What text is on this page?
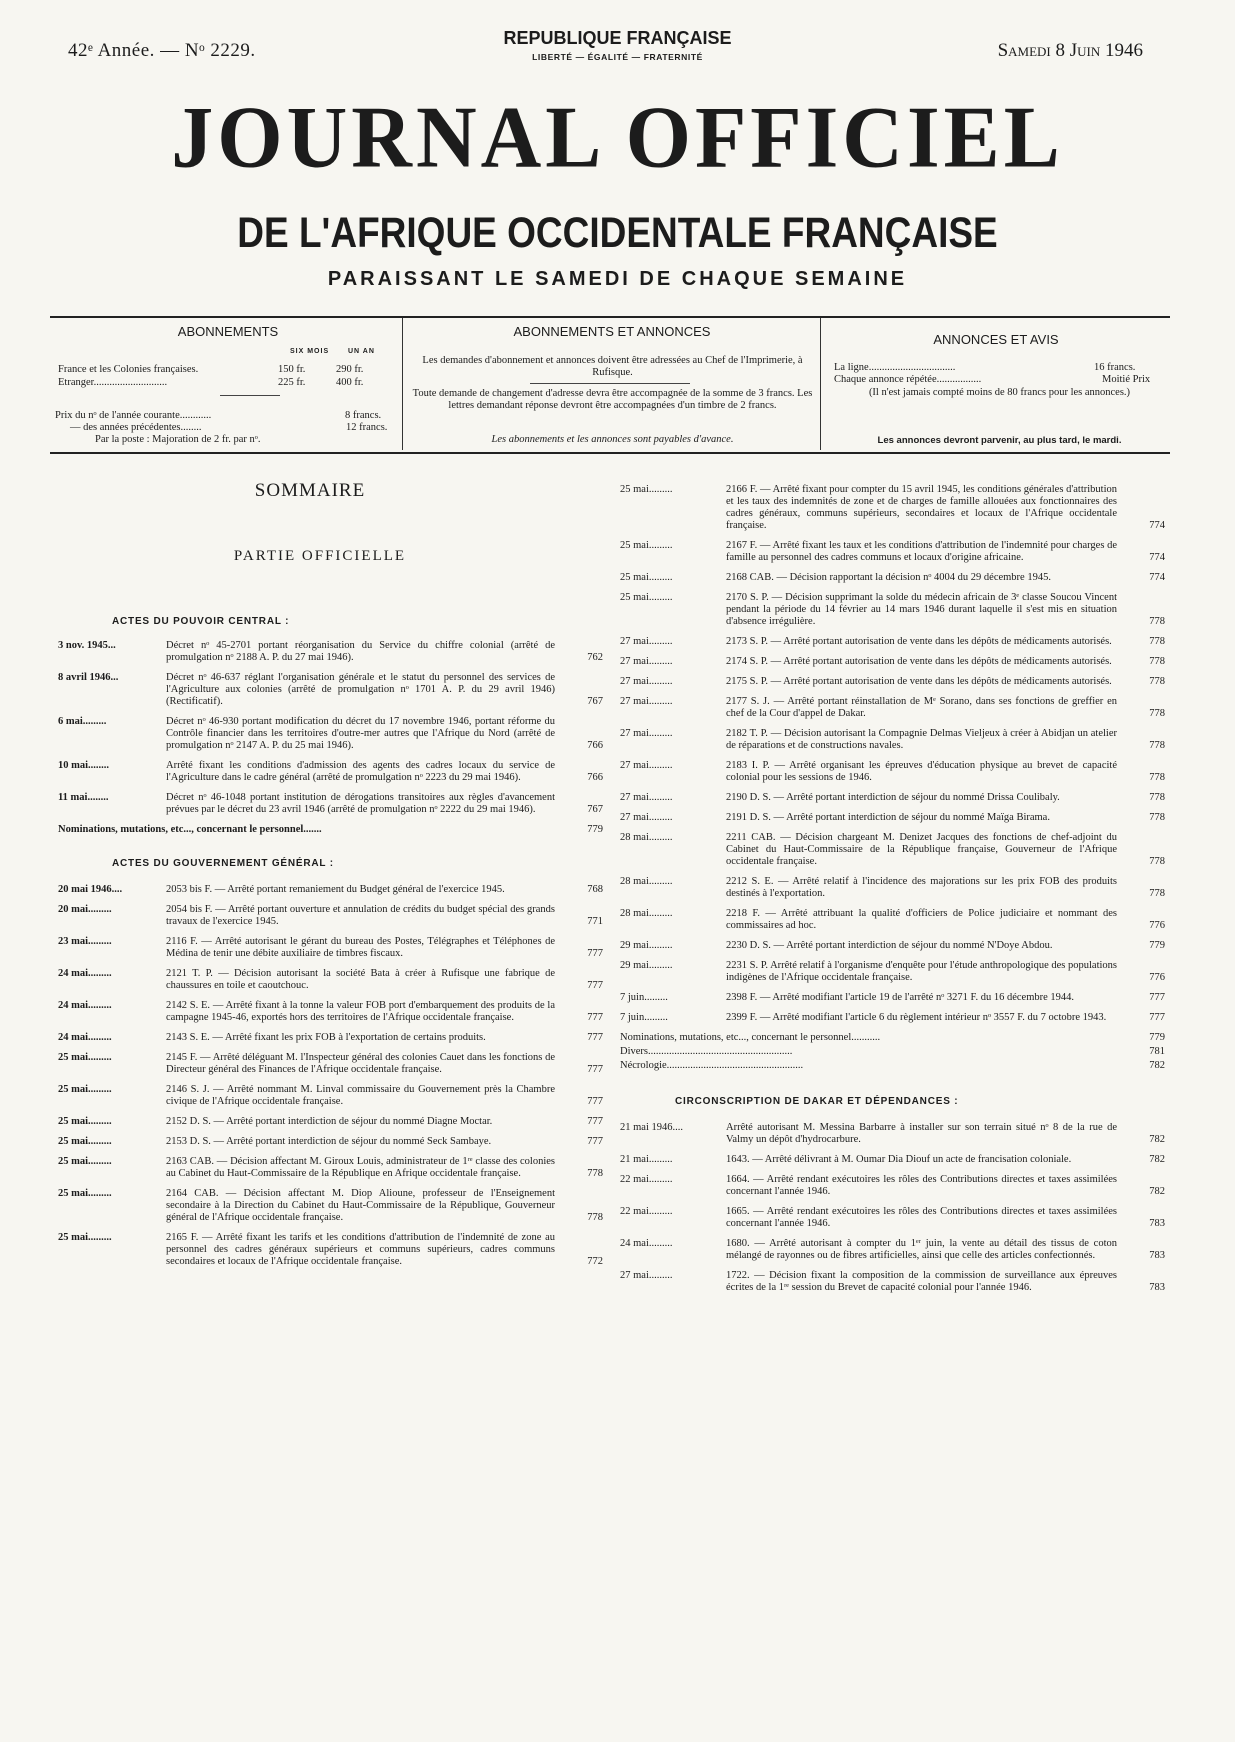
42ᵉ Année. — Nᵒ 2229.
REPUBLIQUE FRANÇAISE
LIBERTÉ — ÉGALITÉ — FRATERNITÉ	Samedi 8 Juin 1946
JOURNAL OFFICIEL
DE L'AFRIQUE OCCIDENTALE FRANÇAISE
PARAISSANT LE SAMEDI DE CHAQUE SEMAINE
ABONNEMENTS
SIX MOIS	UN AN
France et les Colonies françaises.	150 fr.	290 fr.
Etranger............................	225 fr.	400 fr.
Prix du nᵒ de l'année courante............	8 francs.
— des années précédentes........	12 francs.
Par la poste : Majoration de 2 fr. par nᵒ.
ABONNEMENTS ET ANNONCES
Les demandes d'abonnement et annonces doivent être adressées au Chef de l'Imprimerie, à Rufisque.
Toute demande de changement d'adresse devra être accompagnée de la somme de 3 francs. Les lettres demandant réponse devront être accompagnées d'un timbre de 2 francs.
Les abonnements et les annonces sont payables d'avance.
ANNONCES ET AVIS
La ligne.................................	16 francs.
Chaque annonce répétée.................	Moitié Prix
(Il n'est jamais compté moins de 80 francs pour les annonces.)
Les annonces devront parvenir, au plus tard, le mardi.
SOMMAIRE
PARTIE OFFICIELLE
ACTES DU POUVOIR CENTRAL :
3 nov. 1945...	Décret nᵒ 45-2701 portant réorganisation du Service du chiffre colonial (arrêté de promulgation nᵒ 2188 A. P. du 27 mai 1946).	762
8 avril 1946...	Décret nᵒ 46-637 réglant l'organisation générale et le statut du personnel des services de l'Agriculture aux colonies (arrêté de promulgation nᵒ 1701 A. P. du 29 avril 1946) (Rectificatif).	767
6 mai.........	Décret nᵒ 46-930 portant modification du décret du 17 novembre 1946, portant réforme du Contrôle financier dans les territoires d'outre-mer autres que l'Afrique du Nord (arrêté de promulgation nᵒ 2147 A. P. du 25 mai 1946).	766
10 mai........	Arrêté fixant les conditions d'admission des agents des cadres locaux du service de l'Agriculture dans le cadre général (arrêté de promulgation nᵒ 2223 du 29 mai 1946).	766
11 mai........	Décret nᵒ 46-1048 portant institution de dérogations transitoires aux règles d'avancement prévues par le décret du 23 avril 1946 (arrêté de promulgation nᵒ 2222 du 29 mai 1946).	767
Nominations, mutations, etc..., concernant le personnel.......	779
ACTES DU GOUVERNEMENT GÉNÉRAL :
20 mai 1946....	2053 bis F. — Arrêté portant remaniement du Budget général de l'exercice 1945.	768
20 mai.........	2054 bis F. — Arrêté portant ouverture et annulation de crédits du budget spécial des grands travaux de l'exercice 1945.	771
23 mai.........	2116 F. — Arrêté autorisant le gérant du bureau des Postes, Télégraphes et Téléphones de Médina de tenir une débite auxiliaire de timbres fiscaux.	777
24 mai.........	2121 T. P. — Décision autorisant la société Bata à créer à Rufisque une fabrique de chaussures en toile et caoutchouc.	777
24 mai.........	2142 S. E. — Arrêté fixant à la tonne la valeur FOB port d'embarquement des produits de la campagne 1945-46, exportés hors des territoires de l'Afrique occidentale française.	777
24 mai.........	2143 S. E. — Arrêté fixant les prix FOB à l'exportation de certains produits.	777
25 mai.........	2145 F. — Arrêté déléguant M. l'Inspecteur général des colonies Cauet dans les fonctions de Directeur général des Finances de l'Afrique occidentale française.	777
25 mai.........	2146 S. J. — Arrêté nommant M. Linval commissaire du Gouvernement près la Chambre civique de l'Afrique occidentale française.	777
25 mai.........	2152 D. S. — Arrêté portant interdiction de séjour du nommé Diagne Moctar.	777
25 mai.........	2153 D. S. — Arrêté portant interdiction de séjour du nommé Seck Sambaye.	777
25 mai.........	2163 CAB. — Décision affectant M. Giroux Louis, administrateur de 1ʳᵉ classe des colonies au Cabinet du Haut-Commissaire de la République en Afrique occidentale française.	778
25 mai.........	2164 CAB. — Décision affectant M. Diop Alioune, professeur de l'Enseignement secondaire à la Direction du Cabinet du Haut-Commissaire de la République, Gouverneur général de l'Afrique occidentale française.	778
25 mai.........	2165 F. — Arrêté fixant les tarifs et les conditions d'attribution de l'indemnité de zone au personnel des cadres généraux supérieurs et communs supérieurs, cadres communs secondaires et locaux de l'Afrique occidentale française.	772
25 mai.........	2166 F. — Arrêté fixant pour compter du 15 avril 1945, les conditions générales d'attribution et les taux des indemnités de zone et de charges de famille allouées aux fonctionnaires des cadres généraux, communs supérieurs, secondaires et locaux de l'Afrique occidentale française.	774
25 mai.........	2167 F. — Arrêté fixant les taux et les conditions d'attribution de l'indemnité pour charges de famille au personnel des cadres communs et locaux d'origine africaine.	774
25 mai.........	2168 CAB. — Décision rapportant la décision nᵒ 4004 du 29 décembre 1945.	774
25 mai.........	2170 S. P. — Décision supprimant la solde du médecin africain de 3ᵉ classe Soucou Vincent pendant la période du 14 février au 14 mars 1946 durant laquelle il s'est mis en situation d'absence irrégulière.	778
27 mai.........	2173 S. P. — Arrêté portant autorisation de vente dans les dépôts de médicaments autorisés.	778
27 mai.........	2174 S. P. — Arrêté portant autorisation de vente dans les dépôts de médicaments autorisés.	778
27 mai.........	2175 S. P. — Arrêté portant autorisation de vente dans les dépôts de médicaments autorisés.	778
27 mai.........	2177 S. J. — Arrêté portant réinstallation de Mᵉ Sorano, dans ses fonctions de greffier en chef de la Cour d'appel de Dakar.	778
27 mai.........	2182 T. P. — Décision autorisant la Compagnie Delmas Vieljeux à créer à Abidjan un atelier de réparations et de constructions navales.	778
27 mai.........	2183 I. P. — Arrêté organisant les épreuves d'éducation physique au brevet de capacité colonial pour les sessions de 1946.	778
27 mai.........	2190 D. S. — Arrêté portant interdiction de séjour du nommé Drissa Coulibaly.	778
27 mai.........	2191 D. S. — Arrêté portant interdiction de séjour du nommé Maïga Birama.	778
28 mai.........	2211 CAB. — Décision chargeant M. Denizet Jacques des fonctions de chef-adjoint du Cabinet du Haut-Commissaire de la République française, Gouverneur de l'Afrique occidentale française.	778
28 mai.........	2212 S. E. — Arrêté relatif à l'incidence des majorations sur les prix FOB des produits destinés à l'exportation.	778
28 mai.........	2218 F. — Arrêté attribuant la qualité d'officiers de Police judiciaire et nommant des commissaires ad hoc.	776
29 mai.........	2230 D. S. — Arrêté portant interdiction de séjour du nommé N'Doye Abdou.	779
29 mai.........	2231 S. P. Arrêté relatif à l'organisme d'enquête pour l'étude anthropologique des populations indigènes de l'Afrique occidentale française.	776
7 juin.........	2398 F. — Arrêté modifiant l'article 19 de l'arrêté nᵒ 3271 F. du 16 décembre 1944.	777
7 juin.........	2399 F. — Arrêté modifiant l'article 6 du règlement intérieur nᵒ 3557 F. du 7 octobre 1943.	777
Nominations, mutations, etc..., concernant le personnel...........	779
Divers.......................................................	781
Nécrologie....................................................	782
CIRCONSCRIPTION DE DAKAR ET DÉPENDANCES :
21 mai 1946....	Arrêté autorisant M. Messina Barbarre à installer sur son terrain situé nᵒ 8 de la rue de Valmy un dépôt d'hydrocarbure.	782
21 mai.........	1643. — Arrêté délivrant à M. Oumar Dia Diouf un acte de francisation coloniale.	782
22 mai.........	1664. — Arrêté rendant exécutoires les rôles des Contributions directes et taxes assimilées concernant l'année 1946.	782
22 mai.........	1665. — Arrêté rendant exécutoires les rôles des Contributions directes et taxes assimilées concernant l'année 1946.	783
24 mai.........	1680. — Arrêté autorisant à compter du 1ᵉʳ juin, la vente au détail des tissus de coton mélangé de rayonnes ou de fibres artificielles, ainsi que celle des articles confectionnés.	783
27 mai.........	1722. — Décision fixant la composition de la commission de surveillance aux épreuves écrites de la 1ʳᵉ session du Brevet de capacité colonial pour l'année 1946.	783
